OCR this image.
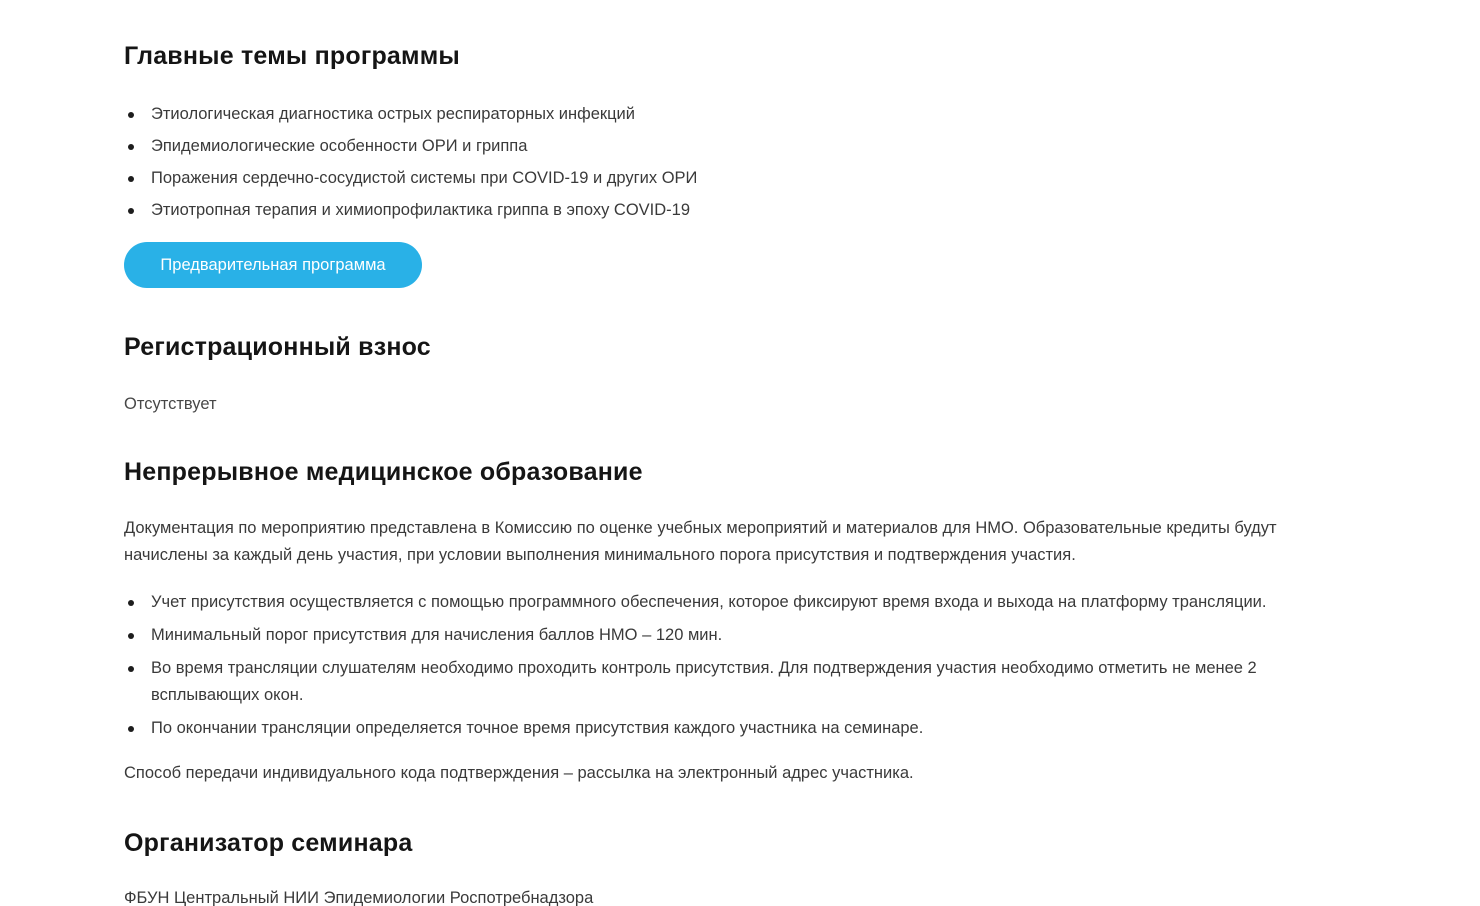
Главные темы программы
Этиологическая диагностика острых респираторных инфекций
Эпидемиологические особенности ОРИ и гриппа
Поражения сердечно-сосудистой системы при COVID-19 и других ОРИ
Этиотропная терапия и химиопрофилактика гриппа в эпоху COVID-19
Предварительная программа
Регистрационный взнос

Отсутствует

Непрерывное медицинское образование

Документация по мероприятию представлена в Комиссию по оценке учебных мероприятий и материалов для НМО. Образовательные кредиты будут начислены за каждый день участия, при условии выполнения минимального порога присутствия и подтверждения участия.

Учет присутствия осуществляется с помощью программного обеспечения, которое фиксируют время входа и выхода на платформу трансляции.
Минимальный порог присутствия для начисления баллов НМО – 120 мин.
Во время трансляции слушателям необходимо проходить контроль присутствия. Для подтверждения участия необходимо отметить не менее 2 всплывающих окон.
По окончании трансляции определяется точное время присутствия каждого участника на семинаре.

Способ передачи индивидуального кода подтверждения – рассылка на электронный адрес участника.

Организатор семинара

ФБУН Центральный НИИ Эпидемиологии Роспотребнадзора
